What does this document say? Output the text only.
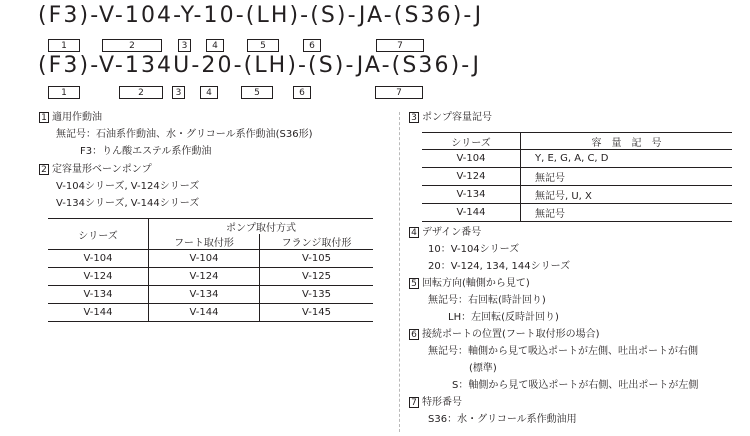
(F3)-V-104-Y-10-(LH)-(S)-JA-(S36)-J
1	2	3	4	5	6	7
(F3)-V-134U-20-(LH)-(S)-JA-(S36)-J
1	2	3	4	5	6	7
1 適用作動油
無記号：石油系作動油、水・グリコール系作動油(S36形)
F3：りん酸エステル系作動油
2 定容量形ベーンポンプ
V-104シリーズ, V-124シリーズ
V-134シリーズ, V-144シリーズ
シリーズ	ポンプ取付方式	
	フート取付形	フランジ取付形
V-104	V-104	V-105
V-124	V-124	V-125
V-134	V-134	V-135
V-144	V-144	V-145
3 ポンプ容量記号
シリーズ	容　量　記　号
V-104	Y, E, G, A, C, D
V-124	無記号
V-134	無記号, U, X
V-144	無記号
4 デザイン番号
10：V-104シリーズ
20：V-124, 134, 144シリーズ
5 回転方向(軸側から見て)
無記号：右回転(時計回り)
LH：左回転(反時計回り)
6 接続ポートの位置(フート取付形の場合)
無記号：軸側から見て吸込ポートが左側、吐出ポートが右側
(標準)
S：軸側から見て吸込ポートが右側、吐出ポートが左側
7 特形番号
S36：水・グリコール系作動油用
